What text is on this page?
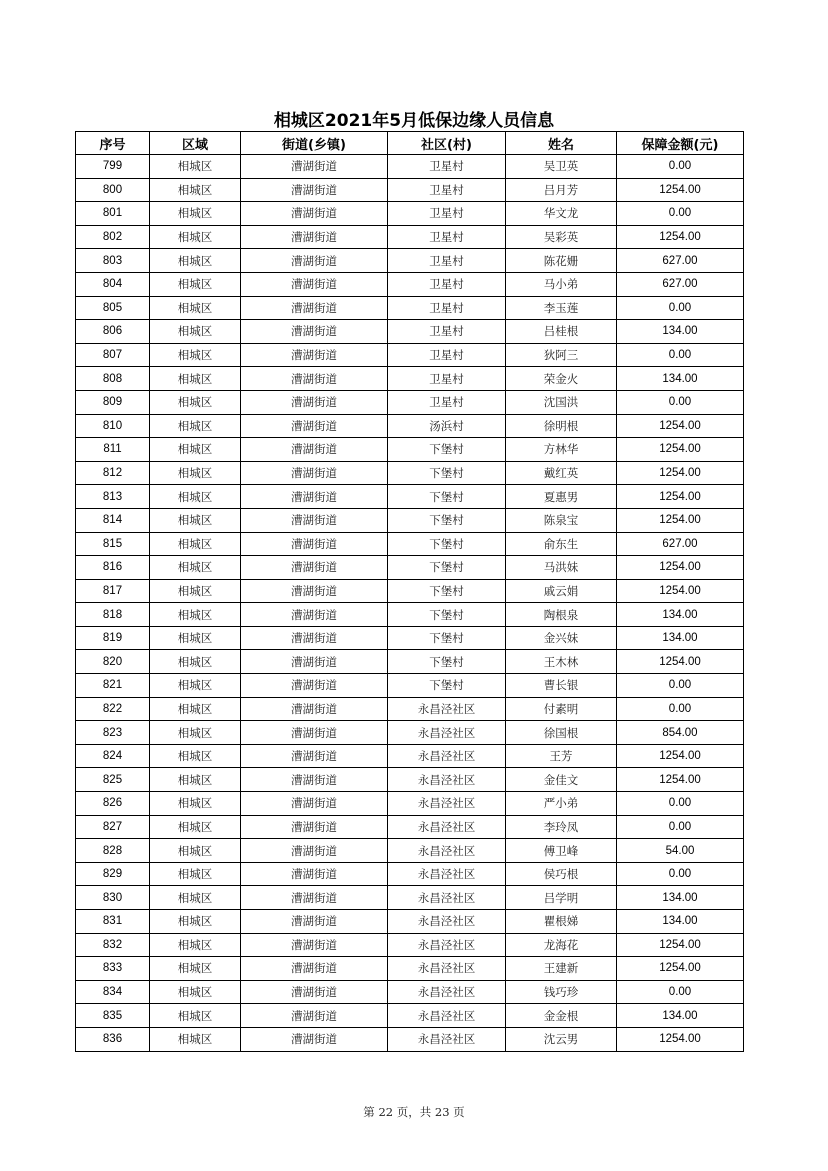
相城区2021年5月低保边缘人员信息
序号	区域	街道(乡镇)	社区(村)	姓名	保障金额(元)
799	相城区	漕湖街道	卫星村	吴卫英	0.00
800	相城区	漕湖街道	卫星村	吕月芳	1254.00
801	相城区	漕湖街道	卫星村	华文龙	0.00
802	相城区	漕湖街道	卫星村	吴彩英	1254.00
803	相城区	漕湖街道	卫星村	陈花姗	627.00
804	相城区	漕湖街道	卫星村	马小弟	627.00
805	相城区	漕湖街道	卫星村	李玉莲	0.00
806	相城区	漕湖街道	卫星村	吕桂根	134.00
807	相城区	漕湖街道	卫星村	狄阿三	0.00
808	相城区	漕湖街道	卫星村	荣金火	134.00
809	相城区	漕湖街道	卫星村	沈国洪	0.00
810	相城区	漕湖街道	汤浜村	徐明根	1254.00
811	相城区	漕湖街道	下堡村	方林华	1254.00
812	相城区	漕湖街道	下堡村	戴红英	1254.00
813	相城区	漕湖街道	下堡村	夏惠男	1254.00
814	相城区	漕湖街道	下堡村	陈泉宝	1254.00
815	相城区	漕湖街道	下堡村	俞东生	627.00
816	相城区	漕湖街道	下堡村	马洪妹	1254.00
817	相城区	漕湖街道	下堡村	戚云娟	1254.00
818	相城区	漕湖街道	下堡村	陶根泉	134.00
819	相城区	漕湖街道	下堡村	金兴妹	134.00
820	相城区	漕湖街道	下堡村	王木林	1254.00
821	相城区	漕湖街道	下堡村	曹长银	0.00
822	相城区	漕湖街道	永昌泾社区	付素明	0.00
823	相城区	漕湖街道	永昌泾社区	徐国根	854.00
824	相城区	漕湖街道	永昌泾社区	王芳	1254.00
825	相城区	漕湖街道	永昌泾社区	金佳文	1254.00
826	相城区	漕湖街道	永昌泾社区	严小弟	0.00
827	相城区	漕湖街道	永昌泾社区	李玲凤	0.00
828	相城区	漕湖街道	永昌泾社区	傅卫峰	54.00
829	相城区	漕湖街道	永昌泾社区	侯巧根	0.00
830	相城区	漕湖街道	永昌泾社区	吕学明	134.00
831	相城区	漕湖街道	永昌泾社区	瞿根娣	134.00
832	相城区	漕湖街道	永昌泾社区	龙海花	1254.00
833	相城区	漕湖街道	永昌泾社区	王建新	1254.00
834	相城区	漕湖街道	永昌泾社区	钱巧珍	0.00
835	相城区	漕湖街道	永昌泾社区	金金根	134.00
836	相城区	漕湖街道	永昌泾社区	沈云男	1254.00
第 22 页，共 23 页
